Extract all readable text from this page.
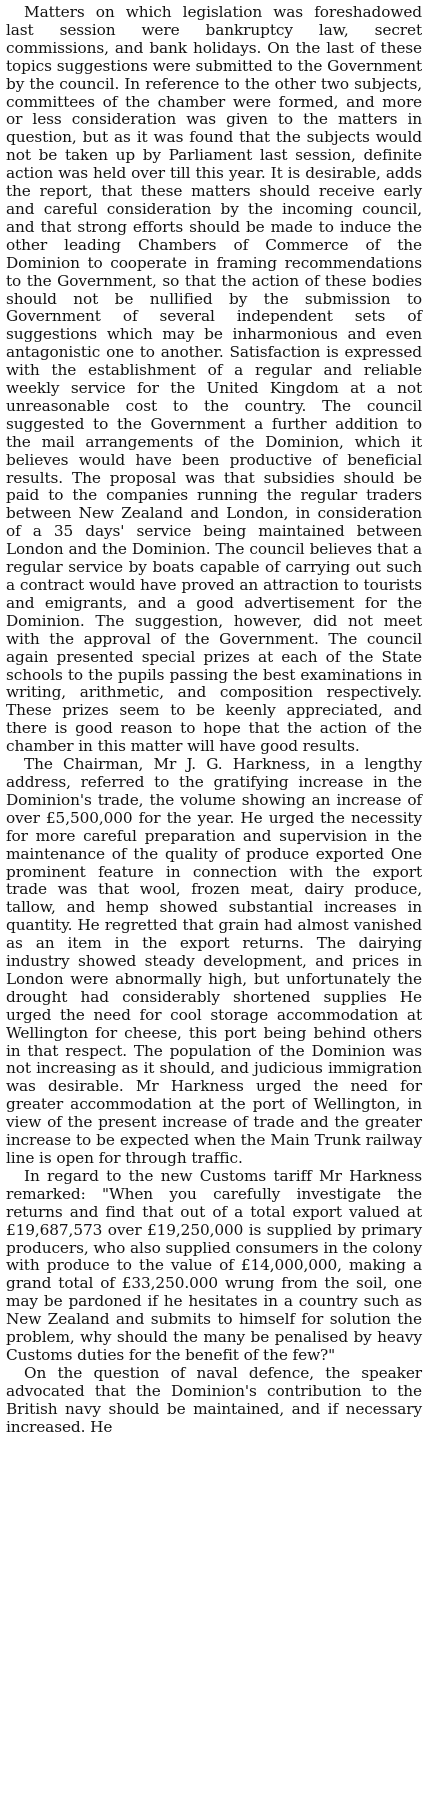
Matters on which legislation was foreshadowed last session were bankruptcy law, secret commissions, and bank holidays. On the last of these topics suggestions were submitted to the Government by the council. In reference to the other two subjects, committees of the chamber were formed, and more or less consideration was given to the matters in question, but as it was found that the subjects would not be taken up by Parliament last session, definite action was held over till this year. It is desirable, adds the report, that these matters should receive early and careful consideration by the incoming council, and that strong efforts should be made to induce the other leading Chambers of Commerce of the Dominion to cooperate in framing recommendations to the Government, so that the action of these bodies should not be nullified by the submission to Government of several independent sets of suggestions which may be inharmonious and even antagonistic one to another. Satisfaction is expressed with the establishment of a regular and reliable weekly service for the United Kingdom at a not unreasonable cost to the country. The council suggested to the Government a further addition to the mail arrangements of the Dominion, which it believes would have been productive of beneficial results. The proposal was that subsidies should be paid to the companies running the regular traders between New Zealand and London, in consideration of a 35 days' service being maintained between London and the Dominion. The council believes that a regular service by boats capable of carrying out such a contract would have proved an attraction to tourists and emigrants, and a good advertisement for the Dominion. The suggestion, however, did not meet with the approval of the Government. The council again presented special prizes at each of the State schools to the pupils passing the best examinations in writing, arithmetic, and composition respectively. These prizes seem to be keenly appreciated, and there is good reason to hope that the action of the chamber in this matter will have good results.

The Chairman, Mr J. G. Harkness, in a lengthy address, referred to the gratifying increase in the Dominion's trade, the volume showing an increase of over £5,500,000 for the year. He urged the necessity for more careful preparation and supervision in the maintenance of the quality of produce exported One prominent feature in connection with the export trade was that wool, frozen meat, dairy produce, tallow, and hemp showed substantial increases in quantity. He regretted that grain had almost vanished as an item in the export returns. The dairying industry showed steady development, and prices in London were abnormally high, but unfortunately the drought had considerably shortened supplies He urged the need for cool storage accommodation at Wellington for cheese, this port being behind others in that respect. The population of the Dominion was not increasing as it should, and judicious immigration was desirable. Mr Harkness urged the need for greater accommodation at the port of Wellington, in view of the present increase of trade and the greater increase to be expected when the Main Trunk railway line is open for through traffic.

In regard to the new Customs tariff Mr Harkness remarked: "When you carefully investigate the returns and find that out of a total export valued at £19,687,573 over £19,250,000 is supplied by primary producers, who also supplied consumers in the colony with produce to the value of £14,000,000, making a grand total of £33,250.000 wrung from the soil, one may be pardoned if he hesitates in a country such as New Zealand and submits to himself for solution the problem, why should the many be penalised by heavy Customs duties for the benefit of the few?"

On the question of naval defence, the speaker advocated that the Dominion's contribution to the British navy should be maintained, and if necessary increased. He
